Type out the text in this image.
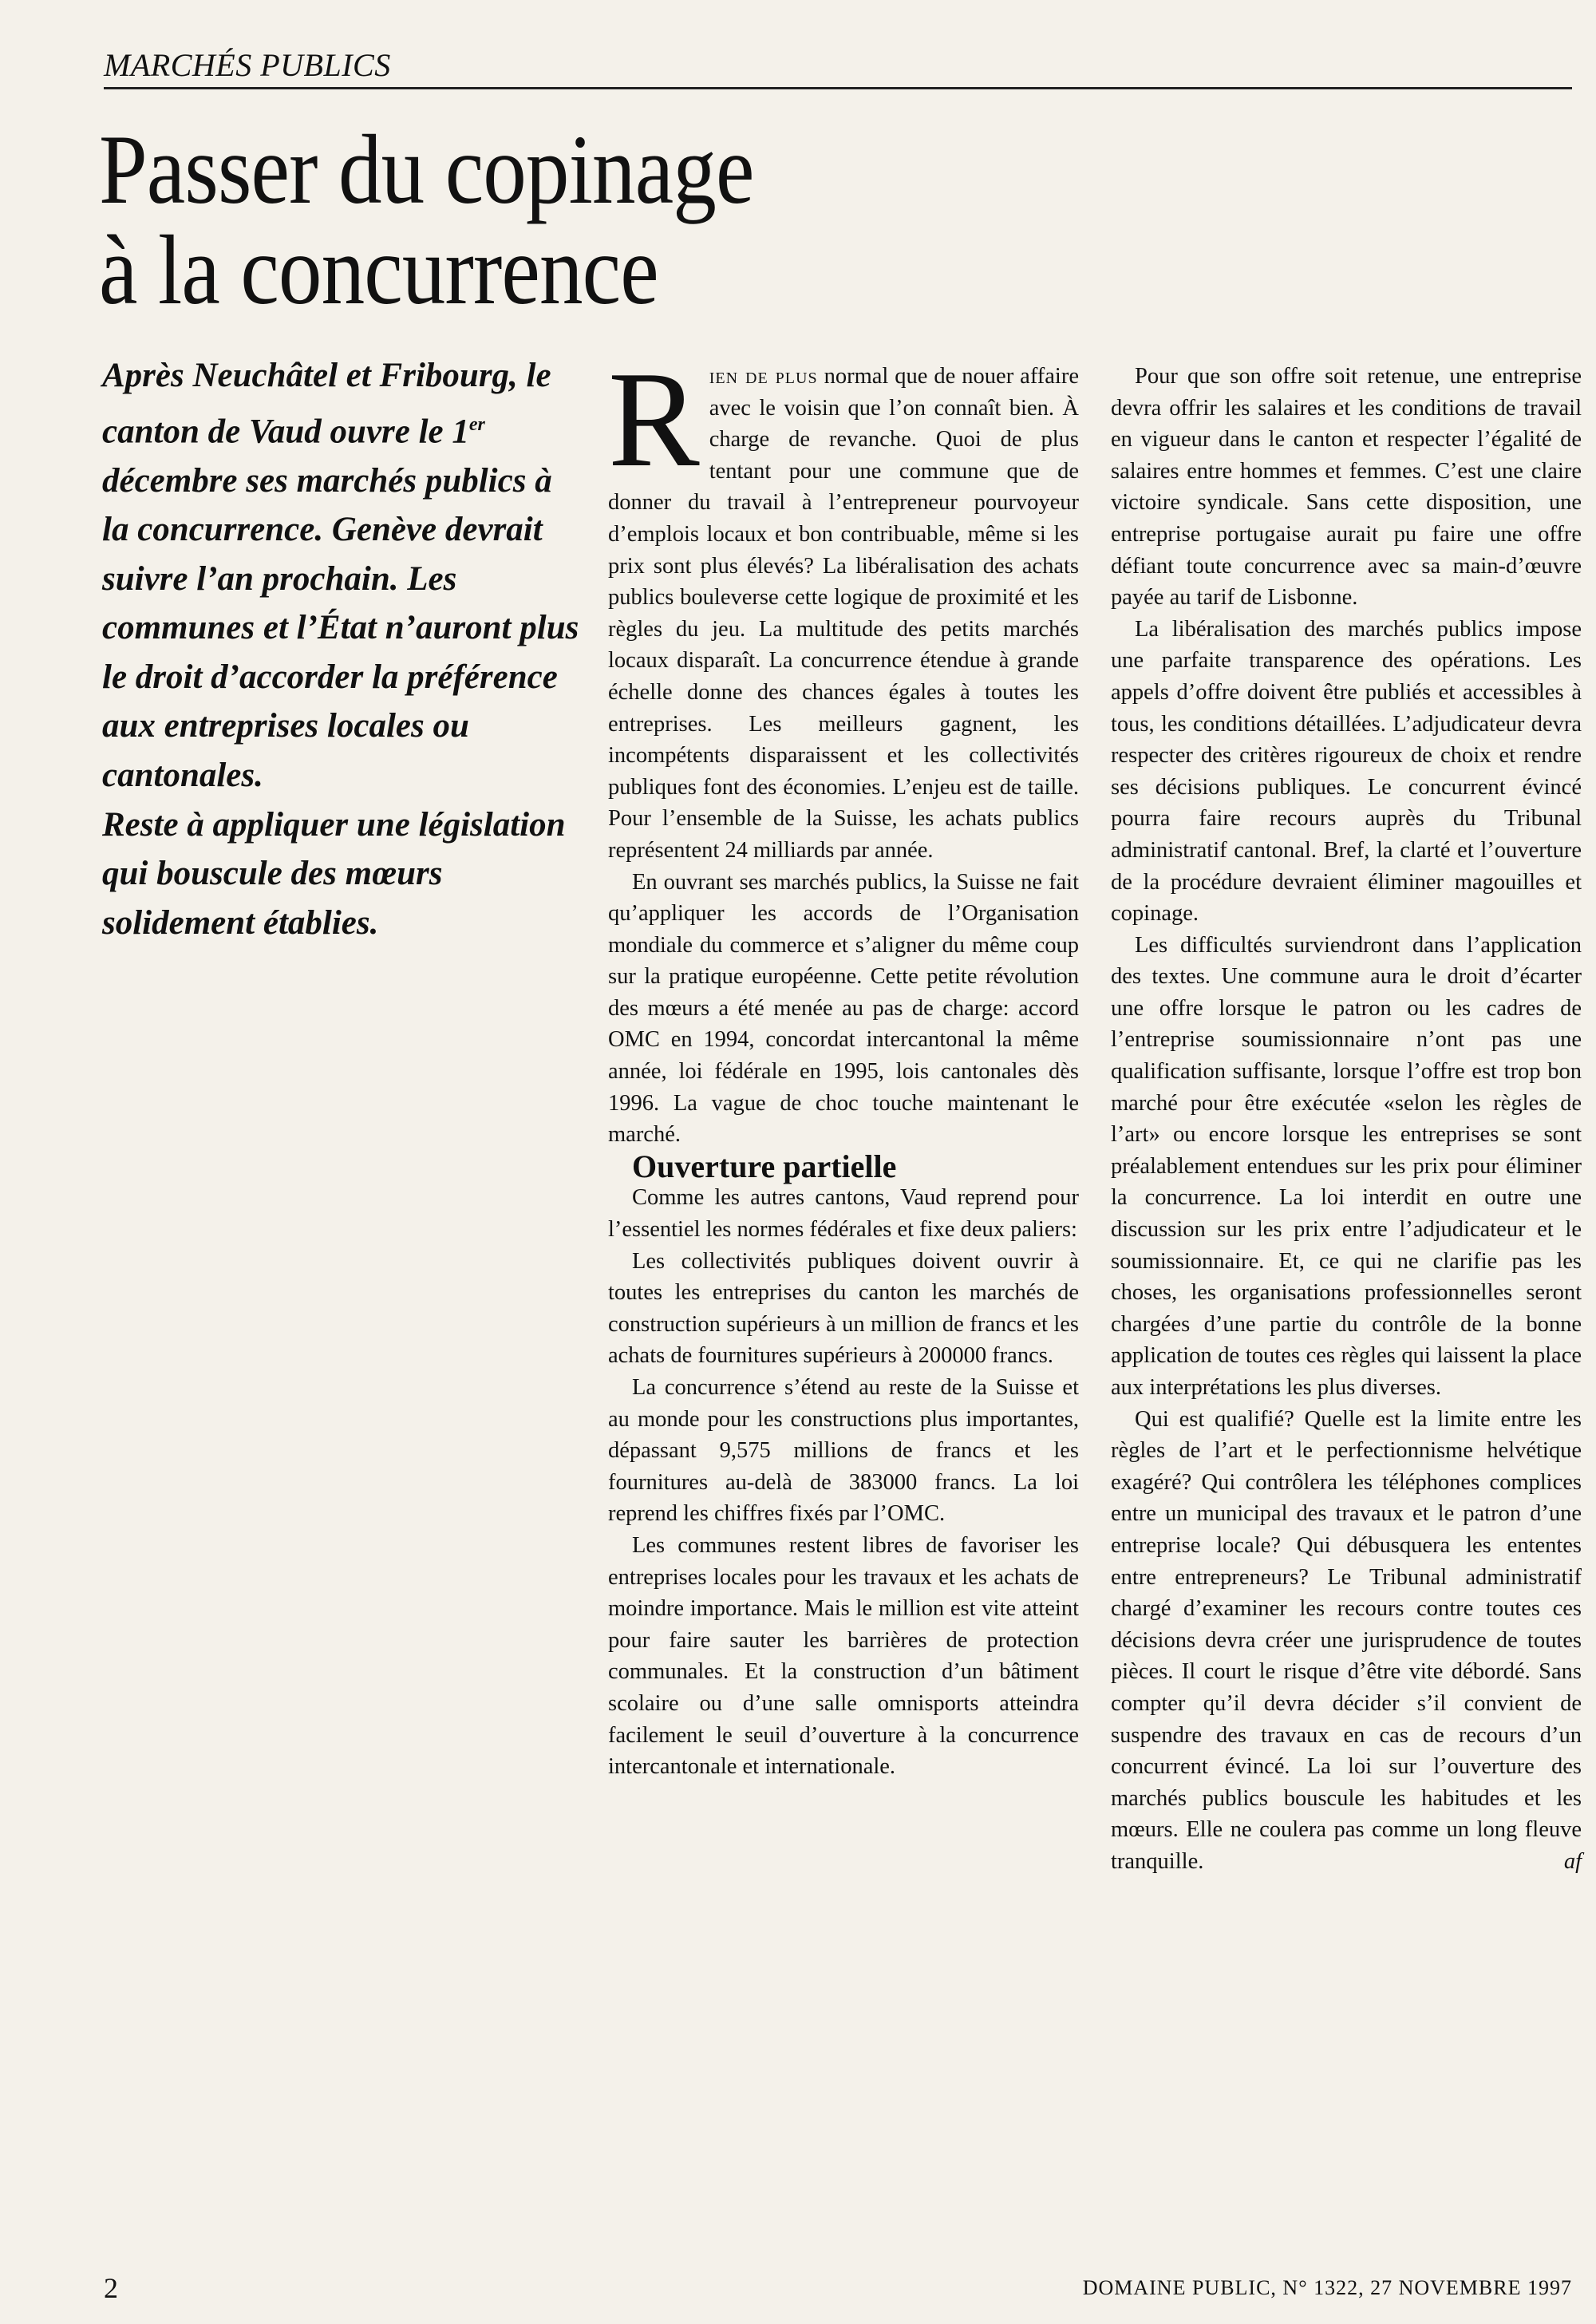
MARCHÉS PUBLICS
Passer du copinage
à la concurrence

Après Neuchâtel et Fribourg, le canton de Vaud ouvre le 1er décembre ses marchés publics à la concurrence. Genève devrait suivre l’an prochain. Les communes et l’État n’auront plus le droit d’accorder la préférence aux entreprises locales ou cantonales.

Reste à appliquer une législation qui bouscule des mœurs solidement établies.

Rien de plus normal que de nouer affaire avec le voisin que l’on connaît bien. À charge de revanche. Quoi de plus tentant pour une commune que de donner du travail à l’entrepreneur pourvoyeur d’emplois locaux et bon contribuable, même si les prix sont plus élevés? La libéralisation des achats publics bouleverse cette logique de proximité et les règles du jeu. La multitude des petits marchés locaux disparaît. La concurrence étendue à grande échelle donne des chances égales à toutes les entreprises. Les meilleurs gagnent, les incompétents disparaissent et les collectivités publiques font des économies. L’enjeu est de taille. Pour l’ensemble de la Suisse, les achats publics représentent 24 milliards par année.

En ouvrant ses marchés publics, la Suisse ne fait qu’appliquer les accords de l’Organisation mondiale du commerce et s’aligner du même coup sur la pratique européenne. Cette petite révolution des mœurs a été menée au pas de charge: accord OMC en 1994, concordat intercantonal la même année, loi fédérale en 1995, lois cantonales dès 1996. La vague de choc touche maintenant le marché.

Ouverture partielle

Comme les autres cantons, Vaud reprend pour l’essentiel les normes fédérales et fixe deux paliers:

Les collectivités publiques doivent ouvrir à toutes les entreprises du canton les marchés de construction supérieurs à un million de francs et les achats de fournitures supérieurs à 200000 francs.

La concurrence s’étend au reste de la Suisse et au monde pour les constructions plus importantes, dépassant 9,575 millions de francs et les fournitures au-delà de 383000 francs. La loi reprend les chiffres fixés par l’OMC.

Les communes restent libres de favoriser les entreprises locales pour les travaux et les achats de moindre importance. Mais le million est vite atteint pour faire sauter les barrières de protection communales. Et la construction d’un bâtiment scolaire ou d’une salle omnisports atteindra facilement le seuil d’ouverture à la concurrence intercantonale et internationale.

Pour que son offre soit retenue, une entreprise devra offrir les salaires et les conditions de travail en vigueur dans le canton et respecter l’égalité de salaires entre hommes et femmes. C’est une claire victoire syndicale. Sans cette disposition, une entreprise portugaise aurait pu faire une offre défiant toute concurrence avec sa main-d’œuvre payée au tarif de Lisbonne.

La libéralisation des marchés publics impose une parfaite transparence des opérations. Les appels d’offre doivent être publiés et accessibles à tous, les conditions détaillées. L’adjudicateur devra respecter des critères rigoureux de choix et rendre ses décisions publiques. Le concurrent évincé pourra faire recours auprès du Tribunal administratif cantonal. Bref, la clarté et l’ouverture de la procédure devraient éliminer magouilles et copinage.

Les difficultés surviendront dans l’application des textes. Une commune aura le droit d’écarter une offre lorsque le patron ou les cadres de l’entreprise soumissionnaire n’ont pas une qualification suffisante, lorsque l’offre est trop bon marché pour être exécutée «selon les règles de l’art» ou encore lorsque les entreprises se sont préalablement entendues sur les prix pour éliminer la concurrence. La loi interdit en outre une discussion sur les prix entre l’adjudicateur et le soumissionnaire. Et, ce qui ne clarifie pas les choses, les organisations professionnelles seront chargées d’une partie du contrôle de la bonne application de toutes ces règles qui laissent la place aux interprétations les plus diverses.

Qui est qualifié? Quelle est la limite entre les règles de l’art et le perfectionnisme helvétique exagéré? Qui contrôlera les téléphones complices entre un municipal des travaux et le patron d’une entreprise locale? Qui débusquera les ententes entre entrepreneurs? Le Tribunal administratif chargé d’examiner les recours contre toutes ces décisions devra créer une jurisprudence de toutes pièces. Il court le risque d’être vite débordé. Sans compter qu’il devra décider s’il convient de suspendre des travaux en cas de recours d’un concurrent évincé. La loi sur l’ouverture des marchés publics bouscule les habitudes et les mœurs. Elle ne coulera pas comme un long fleuve tranquille.	af

2	DOMAINE PUBLIC, N° 1322, 27 NOVEMBRE 1997
